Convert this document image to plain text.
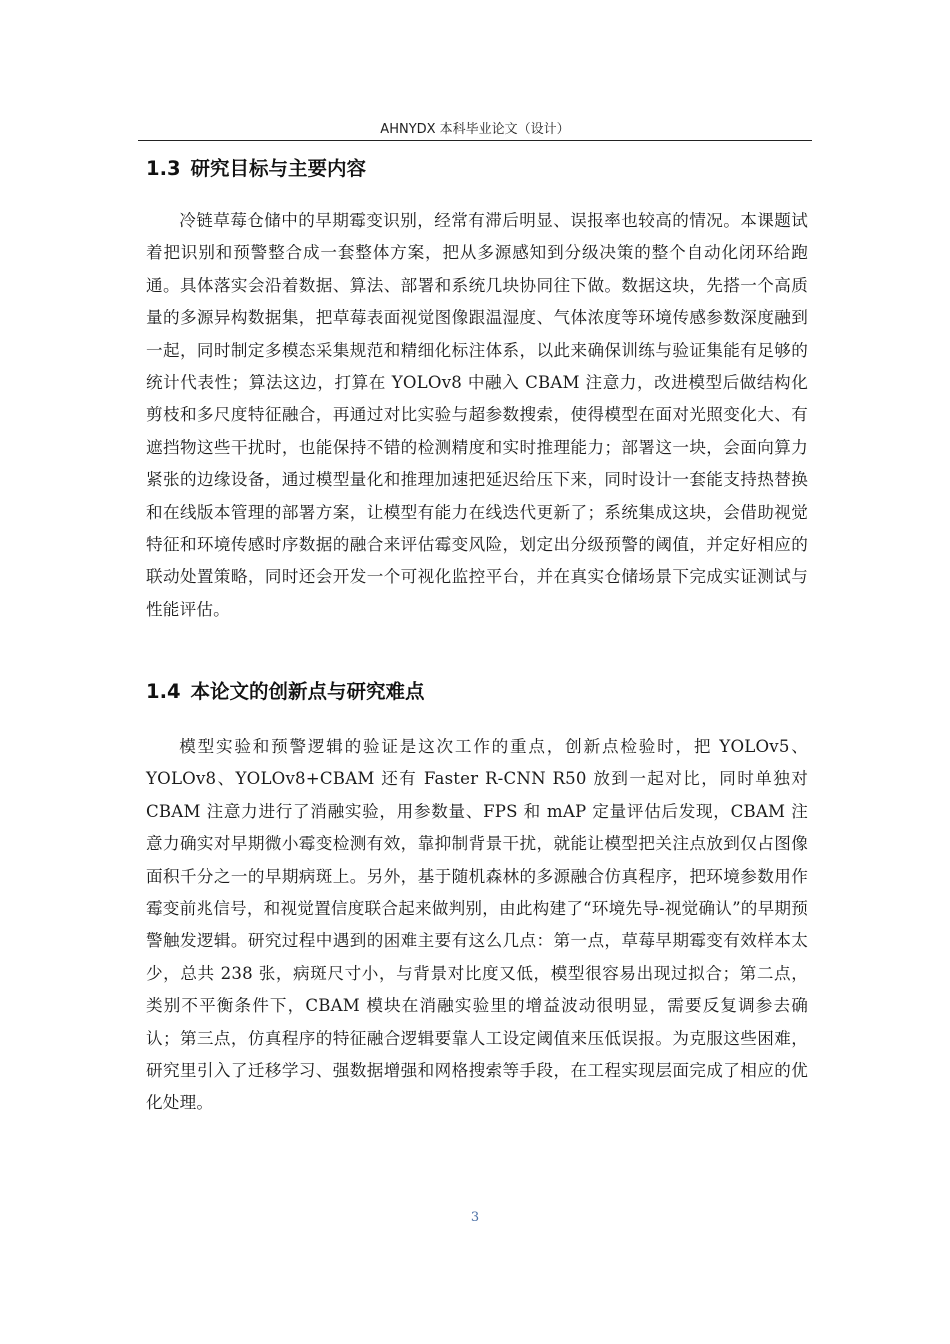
AHNYDX 本科毕业论文（设计）
1.3 研究目标与主要内容
冷链草莓仓储中的早期霉变识别，经常有滞后明显、误报率也较高的情况。本课题试着把识别和预警整合成一套整体方案，把从多源感知到分级决策的整个自动化闭环给跑通。具体落实会沿着数据、算法、部署和系统几块协同往下做。数据这块，先搭一个高质量的多源异构数据集，把草莓表面视觉图像跟温湿度、气体浓度等环境传感参数深度融到一起，同时制定多模态采集规范和精细化标注体系，以此来确保训练与验证集能有足够的统计代表性；算法这边，打算在 YOLOv8 中融入 CBAM 注意力，改进模型后做结构化剪枝和多尺度特征融合，再通过对比实验与超参数搜索，使得模型在面对光照变化大、有遮挡物这些干扰时，也能保持不错的检测精度和实时推理能力；部署这一块，会面向算力紧张的边缘设备，通过模型量化和推理加速把延迟给压下来，同时设计一套能支持热替换和在线版本管理的部署方案，让模型有能力在线迭代更新了；系统集成这块，会借助视觉特征和环境传感时序数据的融合来评估霉变风险，划定出分级预警的阈值，并定好相应的联动处置策略，同时还会开发一个可视化监控平台，并在真实仓储场景下完成实证测试与性能评估。
1.4 本论文的创新点与研究难点
模型实验和预警逻辑的验证是这次工作的重点，创新点检验时，把 YOLOv5、YOLOv8、YOLOv8+CBAM 还有 Faster R-CNN R50 放到一起对比，同时单独对 CBAM 注意力进行了消融实验，用参数量、FPS 和 mAP 定量评估后发现，CBAM 注意力确实对早期微小霉变检测有效，靠抑制背景干扰，就能让模型把关注点放到仅占图像面积千分之一的早期病斑上。另外，基于随机森林的多源融合仿真程序，把环境参数用作霉变前兆信号，和视觉置信度联合起来做判别，由此构建了“环境先导-视觉确认”的早期预警触发逻辑。研究过程中遇到的困难主要有这么几点：第一点，草莓早期霉变有效样本太少，总共 238 张，病斑尺寸小，与背景对比度又低，模型很容易出现过拟合；第二点，类别不平衡条件下，CBAM 模块在消融实验里的增益波动很明显，需要反复调参去确认；第三点，仿真程序的特征融合逻辑要靠人工设定阈值来压低误报。为克服这些困难，研究里引入了迁移学习、强数据增强和网格搜索等手段，在工程实现层面完成了相应的优化处理。
3
